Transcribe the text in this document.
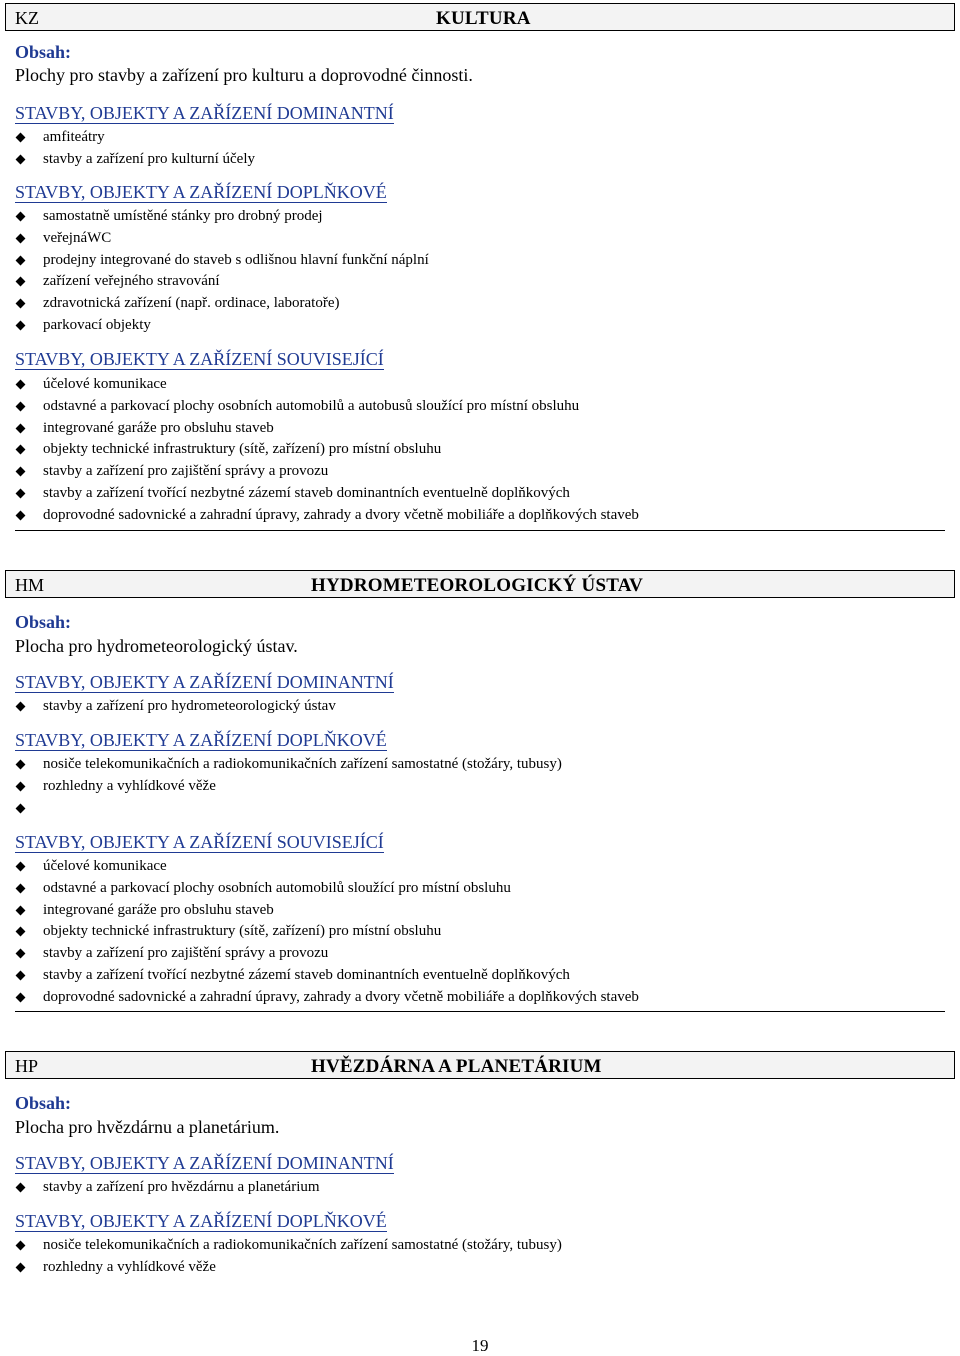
KZ	KULTURA
Obsah:
Plochy pro stavby a zařízení pro kulturu a doprovodné činnosti.
STAVBY, OBJEKTY A ZAŘÍZENÍ DOMINANTNÍ
amfiteátry
stavby a zařízení pro kulturní účely
STAVBY, OBJEKTY A ZAŘÍZENÍ DOPLŇKOVÉ
samostatně umístěné stánky pro drobný prodej
veřejnáWC
prodejny integrované do staveb s odlišnou hlavní funkční náplní
zařízení veřejného stravování
zdravotnická zařízení (např. ordinace, laboratoře)
parkovací objekty
STAVBY, OBJEKTY A ZAŘÍZENÍ SOUVISEJÍCÍ
účelové komunikace
odstavné a parkovací plochy osobních automobilů a autobusů sloužící pro místní obsluhu
integrované garáže pro obsluhu staveb
objekty technické infrastruktury (sítě, zařízení) pro místní obsluhu
stavby a zařízení pro zajištění správy a provozu
stavby a zařízení tvořící nezbytné zázemí staveb dominantních eventuelně doplňkových
doprovodné sadovnické a zahradní úpravy, zahrady a dvory včetně mobiliáře a doplňkových staveb
HM	HYDROMETEOROLOGICKÝ ÚSTAV
Obsah:
Plocha pro hydrometeorologický ústav.
STAVBY, OBJEKTY A ZAŘÍZENÍ DOMINANTNÍ
stavby a zařízení pro hydrometeorologický ústav
STAVBY, OBJEKTY A ZAŘÍZENÍ DOPLŇKOVÉ
nosiče telekomunikačních a radiokomunikačních zařízení samostatné (stožáry, tubusy)
rozhledny a vyhlídkové věže
STAVBY, OBJEKTY A ZAŘÍZENÍ SOUVISEJÍCÍ
účelové komunikace
odstavné a parkovací plochy osobních automobilů sloužící pro místní obsluhu
integrované garáže pro obsluhu staveb
objekty technické infrastruktury (sítě, zařízení) pro místní obsluhu
stavby a zařízení pro zajištění správy a provozu
stavby a zařízení tvořící nezbytné zázemí staveb dominantních eventuelně doplňkových
doprovodné sadovnické a zahradní úpravy, zahrady a dvory včetně mobiliáře a doplňkových staveb
HP	HVĚZDÁRNA A PLANETÁRIUM
Obsah:
Plocha pro hvězdárnu a planetárium.
STAVBY, OBJEKTY A ZAŘÍZENÍ DOMINANTNÍ
stavby a zařízení pro hvězdárnu a planetárium
STAVBY, OBJEKTY A ZAŘÍZENÍ DOPLŇKOVÉ
nosiče telekomunikačních a radiokomunikačních zařízení samostatné (stožáry, tubusy)
rozhledny a vyhlídkové věže
19
